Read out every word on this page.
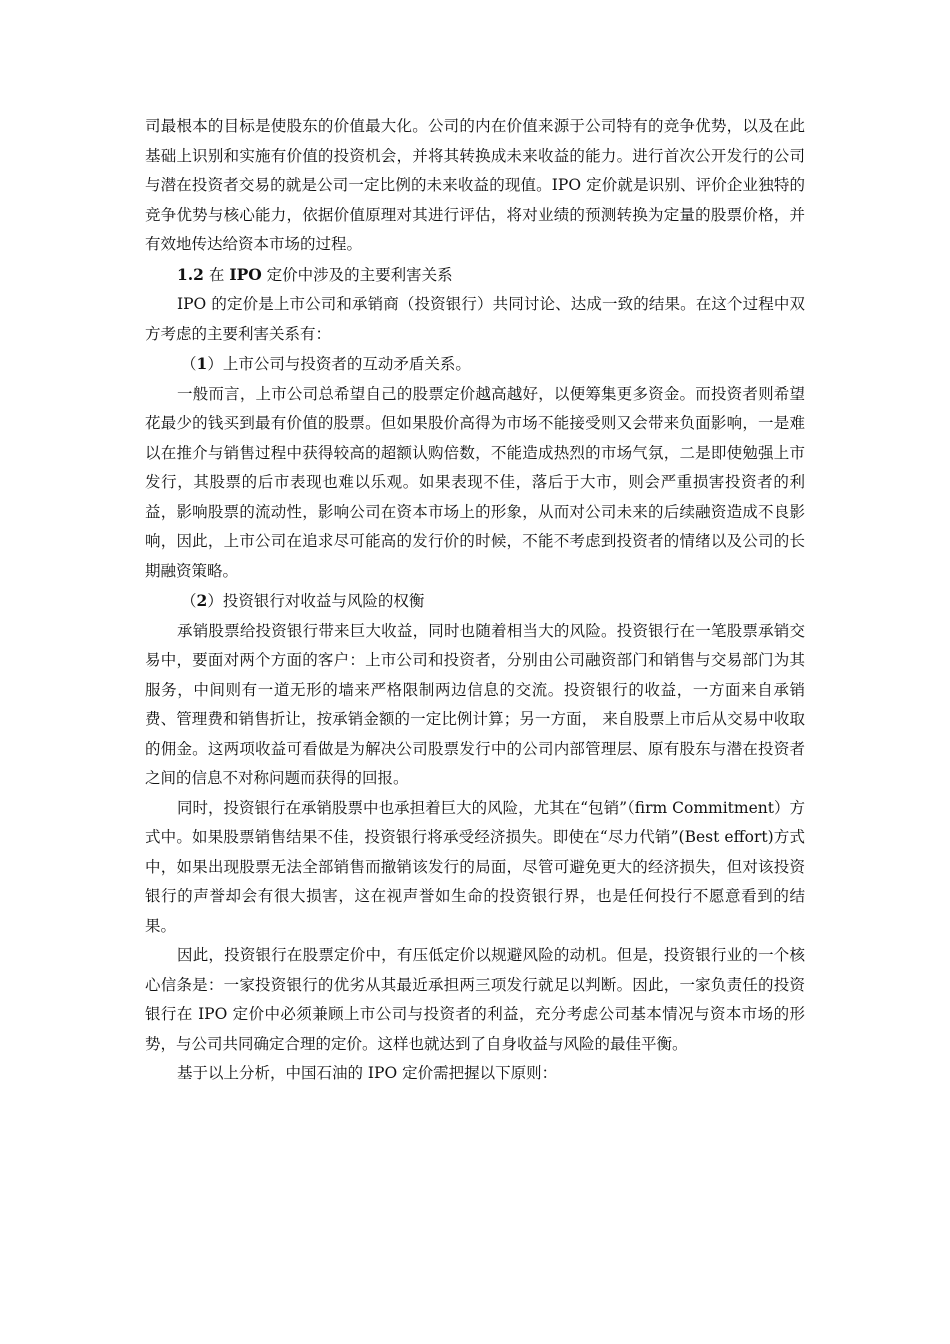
司最根本的目标是使股东的价值最大化。公司的内在价值来源于公司特有的竞争优势，以及在此基础上识别和实施有价值的投资机会，并将其转换成未来收益的能力。进行首次公开发行的公司与潜在投资者交易的就是公司一定比例的未来收益的现值。IPO 定价就是识别、评价企业独特的竞争优势与核心能力，依据价值原理对其进行评估，将对业绩的预测转换为定量的股票价格，并有效地传达给资本市场的过程。

1.2 在 IPO 定价中涉及的主要利害关系

IPO 的定价是上市公司和承销商（投资银行）共同讨论、达成一致的结果。在这个过程中双方考虑的主要利害关系有：

（1）上市公司与投资者的互动矛盾关系。

一般而言，上市公司总希望自己的股票定价越高越好，以便筹集更多资金。而投资者则希望花最少的钱买到最有价值的股票。但如果股价高得为市场不能接受则又会带来负面影响，一是难以在推介与销售过程中获得较高的超额认购倍数，不能造成热烈的市场气氛，二是即使勉强上市发行，其股票的后市表现也难以乐观。如果表现不佳，落后于大市，则会严重损害投资者的利益，影响股票的流动性，影响公司在资本市场上的形象，从而对公司未来的后续融资造成不良影响，因此，上市公司在追求尽可能高的发行价的时候，不能不考虑到投资者的情绪以及公司的长期融资策略。

（2）投资银行对收益与风险的权衡

承销股票给投资银行带来巨大收益，同时也随着相当大的风险。投资银行在一笔股票承销交易中，要面对两个方面的客户：上市公司和投资者，分别由公司融资部门和销售与交易部门为其服务，中间则有一道无形的墙来严格限制两边信息的交流。投资银行的收益，一方面来自承销费、管理费和销售折让，按承销金额的一定比例计算；另一方面， 来自股票上市后从交易中收取的佣金。这两项收益可看做是为解决公司股票发行中的公司内部管理层、原有股东与潜在投资者之间的信息不对称问题而获得的回报。

同时，投资银行在承销股票中也承担着巨大的风险，尤其在“包销”（firm Commitment）方式中。如果股票销售结果不佳，投资银行将承受经济损失。即使在“尽力代销”(Best effort)方式中，如果出现股票无法全部销售而撤销该发行的局面，尽管可避免更大的经济损失，但对该投资银行的声誉却会有很大损害，这在视声誉如生命的投资银行界，也是任何投行不愿意看到的结果。

因此，投资银行在股票定价中，有压低定价以规避风险的动机。但是，投资银行业的一个核心信条是：一家投资银行的优劣从其最近承担两三项发行就足以判断。因此，一家负责任的投资银行在 IPO 定价中必须兼顾上市公司与投资者的利益，充分考虑公司基本情况与资本市场的形势，与公司共同确定合理的定价。这样也就达到了自身收益与风险的最佳平衡。

基于以上分析，中国石油的 IPO 定价需把握以下原则：
